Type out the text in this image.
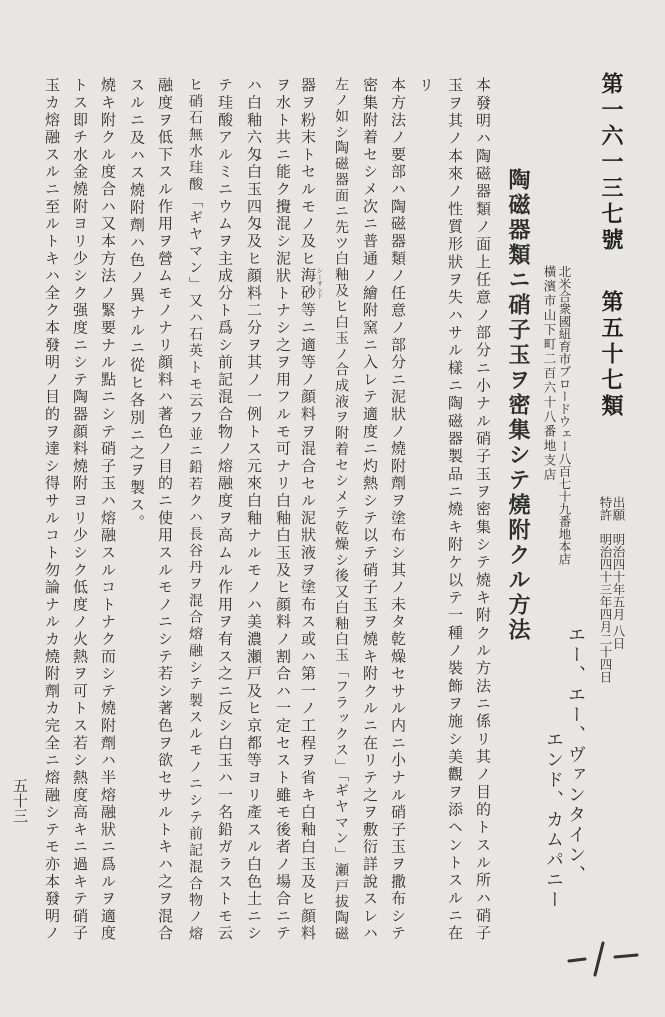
第一六一三七號
第五十七類
北米合衆國紐育市ブロードウェー八百七十九番地本店
橫濱市山下町二百六十八番地支店
出願
特許
明治四十年五月 八日
明治四十三年四月二十四日
エー、エー、ヴァンタイン、
エンド、カムパニー
陶磁器類ニ硝子玉ヲ密集シテ燒附クル方法
本發明ハ陶磁器類ノ面上任意ノ部分ニ小ナル硝子玉ヲ密集シテ燒キ附クル方法ニ係リ其ノ目的トスル所ハ硝子
玉ヲ其ノ本來ノ性質形狀ヲ失ハサル樣ニ陶磁器製品ニ燒キ附ケ以テ一種ノ裝飾ヲ施シ美觀ヲ添ヘントスルニ在
リ
本方法ノ要部ハ陶磁器類ノ任意ノ部分ニ泥狀ノ燒附劑ヲ塗布シ其ノ未タ乾燥セサル内ニ小ナル硝子玉ヲ撒布シテ
密集附着セシメ次ニ普通ノ繪附窯ニ入レテ適度ニ灼熱シテ以テ硝子玉ヲ燒キ附クルニ在リテ之ヲ敷衍詳說スレハ
左ノ如シ陶磁器面ニ先ツ白釉及ヒ白玉ノ合成液ヲ附着セシメテ乾燥シ後又白釉白玉「フラックス」「ギヤマン」瀬戸拔陶磁
器ヲ粉末トセルモノ及ヒ海砂シーサンド等ニ適等ノ顔料ヲ混合セル泥狀液ヲ塗布ス或ハ第一ノ工程ヲ省キ白釉白玉及ヒ顔料
ヲ水ト共ニ能ク攪混シ泥狀トナシ之ヲ用フルモ可ナリ白釉白玉及ヒ顔料ノ割合ハ一定セスト雖モ後者ノ場合ニテ
ハ白釉六匁白玉四匁及ヒ顔料二分ヲ其ノ一例トス元來白釉ナルモノハ美濃瀬戸及ヒ京都等ヨリ產スル白色土ニシ
テ珪酸アルミニウムヲ主成分ト爲シ前記混合物ノ熔融度ヲ高ムル作用ヲ有ス之ニ反シ白玉ハ一名鉛ガラストモ云
ヒ硝石無水珪酸「ギヤマン」又ハ石英トモ云フ並ニ鉛若クハ長谷丹ヲ混合熔融シテ製スルモノニシテ前記混合物ノ熔
融度ヲ低下スル作用ヲ營ムモノナリ顔料ハ著色ノ目的ニ使用スルモノニシテ若シ著色ヲ欲セサルトキハ之ヲ混合
スルニ及ハス燒附劑ハ色ノ異ナルニ從ヒ各別ニ之ヲ製ス。
燒キ附クル度合ハ又本方法ノ緊要ナル點ニシテ硝子玉ハ熔融スルコトナク而シテ燒附劑ハ半熔融狀ニ爲ルヲ適度
トス即チ水金燒附ヨリ少シク强度ニシテ陶器顔料燒附ヨリ少シク低度ノ火熱ヲ可トス若シ熱度高キニ過キテ硝子
玉カ熔融スルニ至ルトキハ全ク本發明ノ目的ヲ達シ得サルコト勿論ナルカ燒附劑カ完全ニ熔融シテモ亦本發明ノ
五十三
